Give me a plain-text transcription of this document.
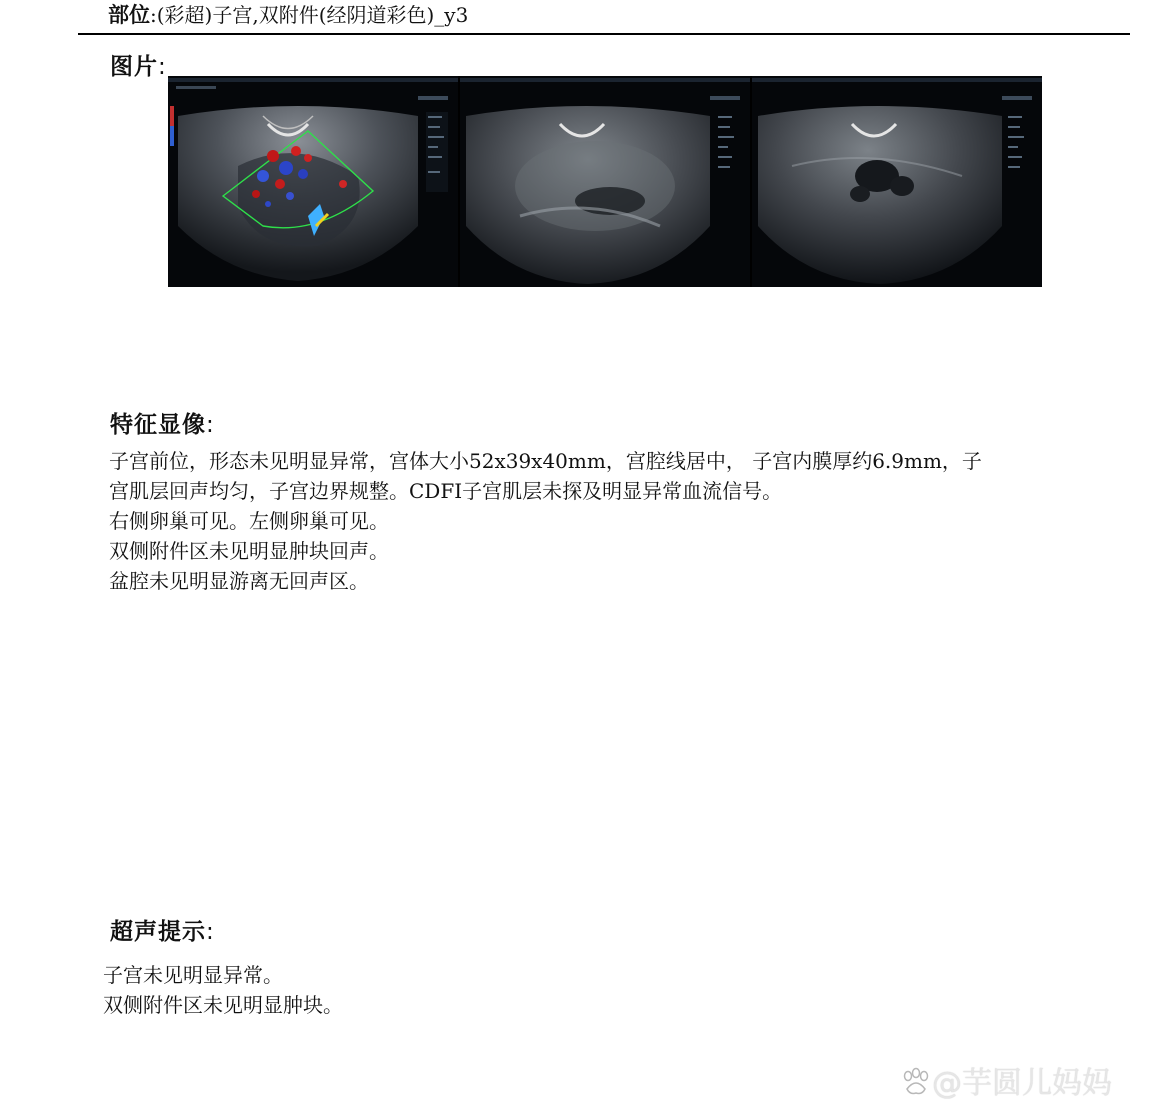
部位:(彩超)子宫,双附件(经阴道彩色)_y3
图片:
特征显像:
子宫前位，形态未见明显异常，宫体大小52x39x40mm，宫腔线居中， 子宫内膜厚约6.9mm，子
宫肌层回声均匀，子宫边界规整。CDFI子宫肌层未探及明显异常血流信号。
右侧卵巢可见。左侧卵巢可见。
双侧附件区未见明显肿块回声。
盆腔未见明显游离无回声区。
超声提示:
子宫未见明显异常。
双侧附件区未见明显肿块。
@芋圆儿妈妈
